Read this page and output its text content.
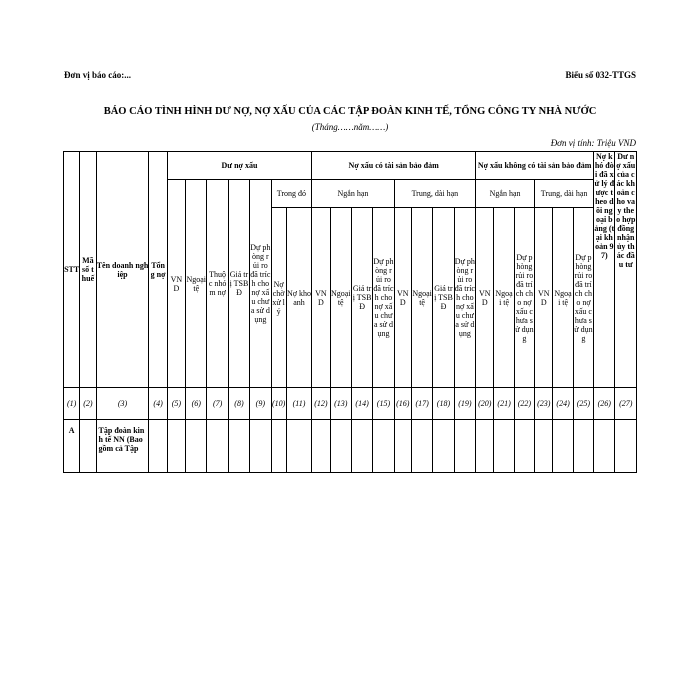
Đơn vị báo cáo:...	Biểu số 032-TTGS
BÁO CÁO TÌNH HÌNH DƯ NỢ, NỢ XẤU CỦA CÁC TẬP ĐOÀN KINH TẾ, TỔNG CÔNG TY NHÀ NƯỚC
(Tháng……năm……)
Đơn vị tính: Triệu VND
STT	Mã số thuế	Tên doanh nghiệp	Tổng nợ	Dư nợ xấu							Nợ xấu có tài sản bảo đảm								Nợ xấu không có tài sản bảo đảm						Nợ khó đòi đã xử lý được theo dõi ngoại bảng (tại khoản 97)	Dư nợ xấu của các khoản cho vay theo hợp đồng nhận ủy thác đầu tư
				VND	Ngoại tệ	Thuộc nhóm nợ	Giá trị TSBĐ	Dự phòng rủi ro đã trích cho nợ xấu chưa sử dụng	Trong đó		Ngắn hạn				Trung, dài hạn				Ngắn hạn			Trung, dài hạn				
									Nợ chờ xử lý	Nợ khoanh	VND	Ngoại tệ	Giá trị TSBĐ	Dự phòng rủi ro đã trích cho nợ xấu chưa sử dụng	VND	Ngoại tệ	Giá trị TSBĐ	Dự phòng rủi ro đã trích cho nợ xấu chưa sử dụng	VND	Ngoại tệ	Dự phòng rủi ro đã trích cho nợ xấu chưa sử dụng	VND	Ngoại tệ	Dự phòng rủi ro đã trích cho nợ xấu chưa sử dụng		

(1)	(2)	(3)	(4)	(5)	(6)	(7)	(8)	(9)	(10)	(11)	(12)	(13)	(14)	(15)	(16)	(17)	(18)	(19)	(20)	(21)	(22)	(23)	(24)	(25)	(26)	(27)
A		Tập đoàn kinh tế NN (Bao gồm cả Tập																								
